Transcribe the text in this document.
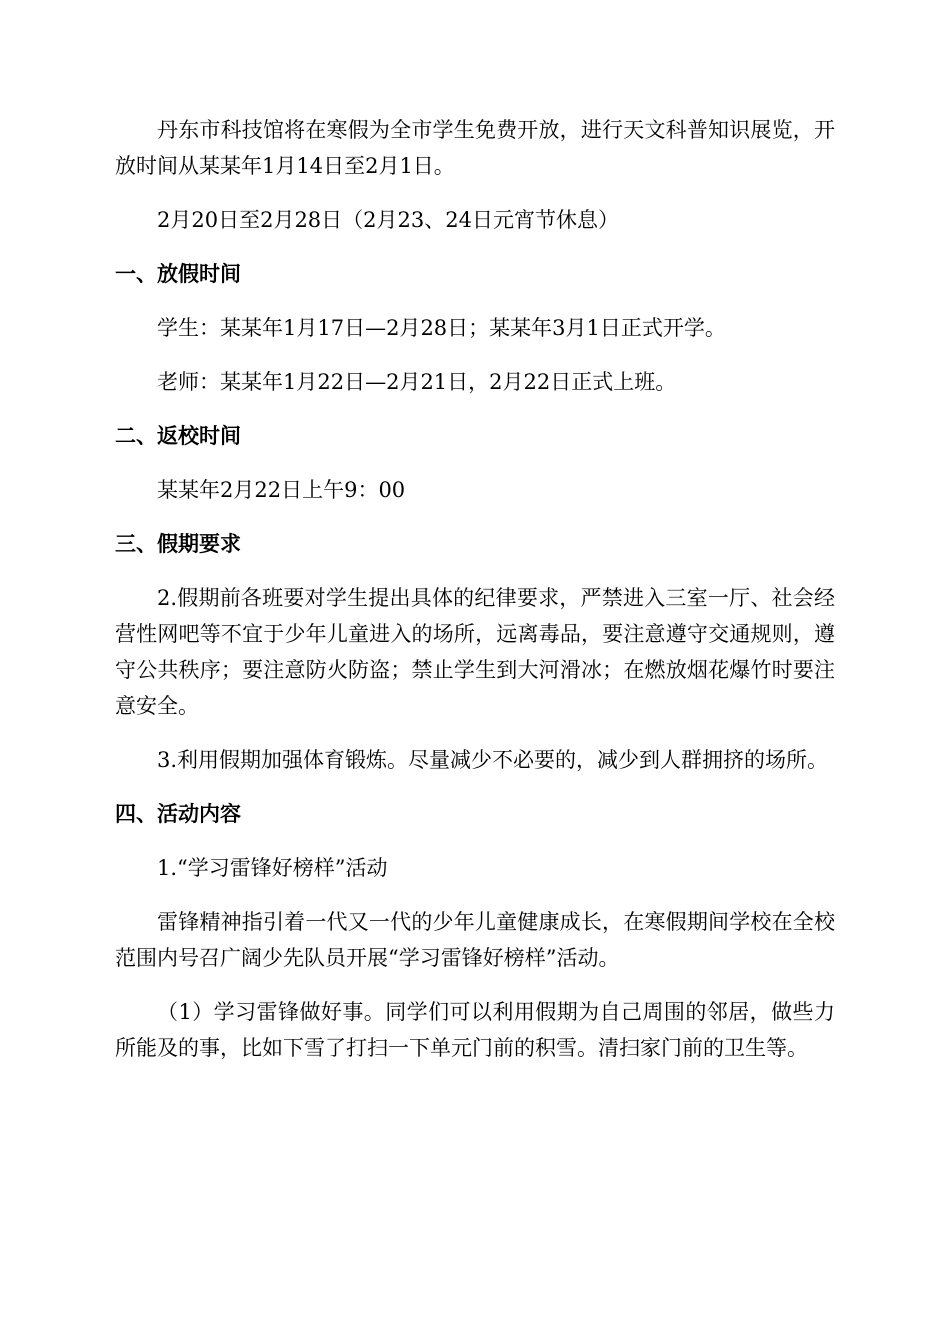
丹东市科技馆将在寒假为全市学生免费开放，进行天文科普知识展览，开放时间从某某年1月14日至2月1日。

2月20日至2月28日（2月23、24日元宵节休息）

一、放假时间

学生：某某年1月17日—2月28日；某某年3月1日正式开学。

老师：某某年1月22日—2月21日，2月22日正式上班。

二、返校时间

某某年2月22日上午9：00

三、假期要求

2.假期前各班要对学生提出具体的纪律要求，严禁进入三室一厅、社会经营性网吧等不宜于少年儿童进入的场所，远离毒品，要注意遵守交通规则，遵守公共秩序；要注意防火防盗；禁止学生到大河滑冰；在燃放烟花爆竹时要注意安全。

3.利用假期加强体育锻炼。尽量减少不必要的，减少到人群拥挤的场所。

四、活动内容

1.“学习雷锋好榜样”活动

雷锋精神指引着一代又一代的少年儿童健康成长，在寒假期间学校在全校范围内号召广阔少先队员开展“学习雷锋好榜样”活动。

（1）学习雷锋做好事。同学们可以利用假期为自己周围的邻居，做些力所能及的事，比如下雪了打扫一下单元门前的积雪。清扫家门前的卫生等。
